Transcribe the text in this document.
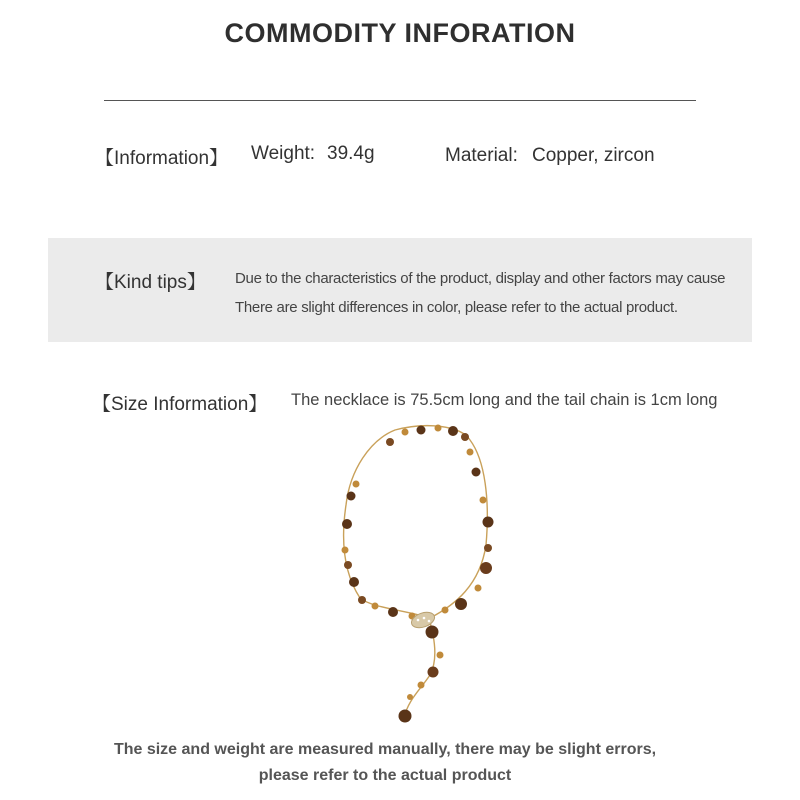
COMMODITY INFORATION
【Information】 Weight: 39.4g	Material: Copper, zircon
【Kind tips】 Due to the characteristics of the product, display and other factors may cause
There are slight differences in color, please refer to the actual product.
【Size Information】 The necklace is 75.5cm long and the tail chain is 1cm long
The size and weight are measured manually, there may be slight errors,
please refer to the actual product
